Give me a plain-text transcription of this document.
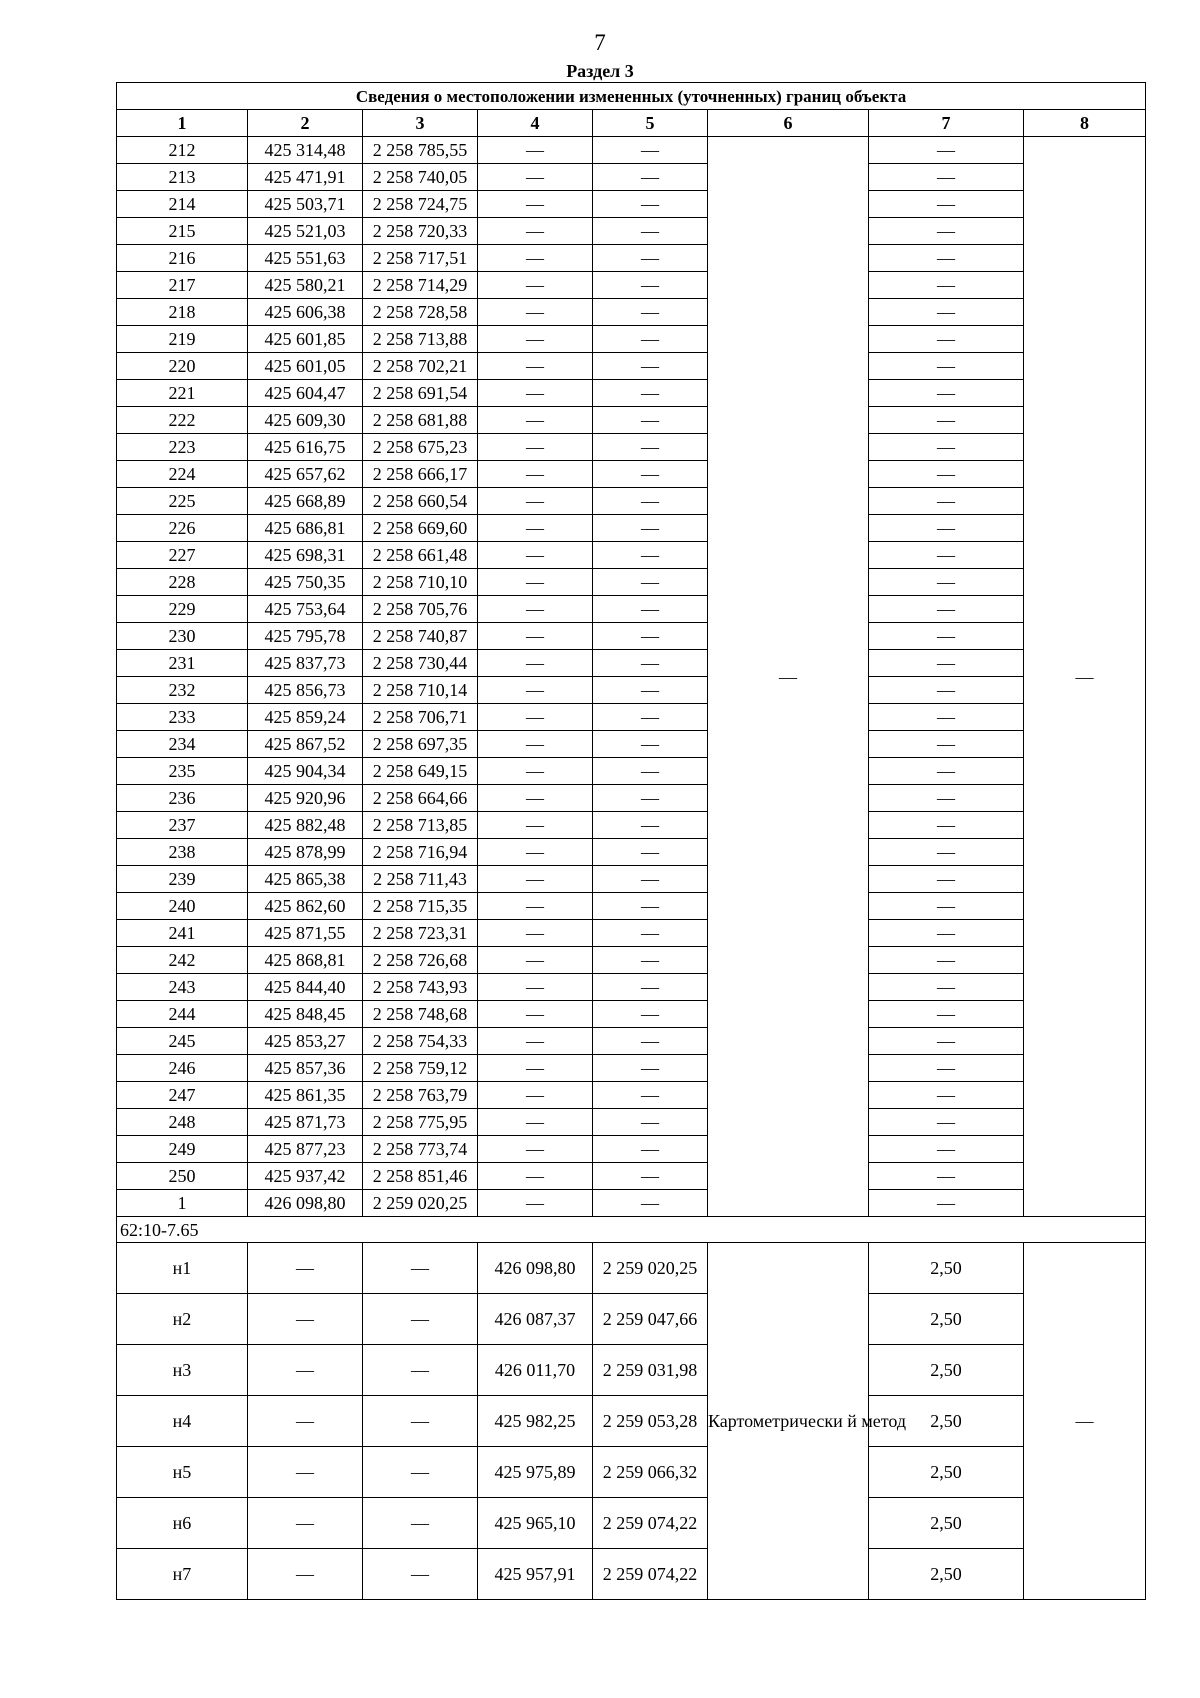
7
Раздел 3
Сведения о местоположении измененных (уточненных) границ объекта							
1	2	3	4	5	6	7	8
212	425 314,48	2 258 785,55	—	—	—	—	—
213	425 471,91	2 258 740,05	—	—		—	
214	425 503,71	2 258 724,75	—	—		—	
215	425 521,03	2 258 720,33	—	—		—	
216	425 551,63	2 258 717,51	—	—		—	
217	425 580,21	2 258 714,29	—	—		—	
218	425 606,38	2 258 728,58	—	—		—	
219	425 601,85	2 258 713,88	—	—		—	
220	425 601,05	2 258 702,21	—	—		—	
221	425 604,47	2 258 691,54	—	—		—	
222	425 609,30	2 258 681,88	—	—		—	
223	425 616,75	2 258 675,23	—	—		—	
224	425 657,62	2 258 666,17	—	—		—	
225	425 668,89	2 258 660,54	—	—		—	
226	425 686,81	2 258 669,60	—	—		—	
227	425 698,31	2 258 661,48	—	—		—	
228	425 750,35	2 258 710,10	—	—		—	
229	425 753,64	2 258 705,76	—	—		—	
230	425 795,78	2 258 740,87	—	—		—	
231	425 837,73	2 258 730,44	—	—		—	
232	425 856,73	2 258 710,14	—	—		—	
233	425 859,24	2 258 706,71	—	—		—	
234	425 867,52	2 258 697,35	—	—		—	
235	425 904,34	2 258 649,15	—	—		—	
236	425 920,96	2 258 664,66	—	—		—	
237	425 882,48	2 258 713,85	—	—		—	
238	425 878,99	2 258 716,94	—	—		—	
239	425 865,38	2 258 711,43	—	—		—	
240	425 862,60	2 258 715,35	—	—		—	
241	425 871,55	2 258 723,31	—	—		—	
242	425 868,81	2 258 726,68	—	—		—	
243	425 844,40	2 258 743,93	—	—		—	
244	425 848,45	2 258 748,68	—	—		—	
245	425 853,27	2 258 754,33	—	—		—	
246	425 857,36	2 258 759,12	—	—		—	
247	425 861,35	2 258 763,79	—	—		—	
248	425 871,73	2 258 775,95	—	—		—	
249	425 877,23	2 258 773,74	—	—		—	
250	425 937,42	2 258 851,46	—	—		—	
1	426 098,80	2 259 020,25	—	—		—	
62:10-7.65							
н1	—	—	426 098,80	2 259 020,25	Картометрически й метод	2,50	—
н2	—	—	426 087,37	2 259 047,66		2,50	
н3	—	—	426 011,70	2 259 031,98		2,50	
н4	—	—	425 982,25	2 259 053,28		2,50	
н5	—	—	425 975,89	2 259 066,32		2,50	
н6	—	—	425 965,10	2 259 074,22		2,50	
н7	—	—	425 957,91	2 259 074,22		2,50	
